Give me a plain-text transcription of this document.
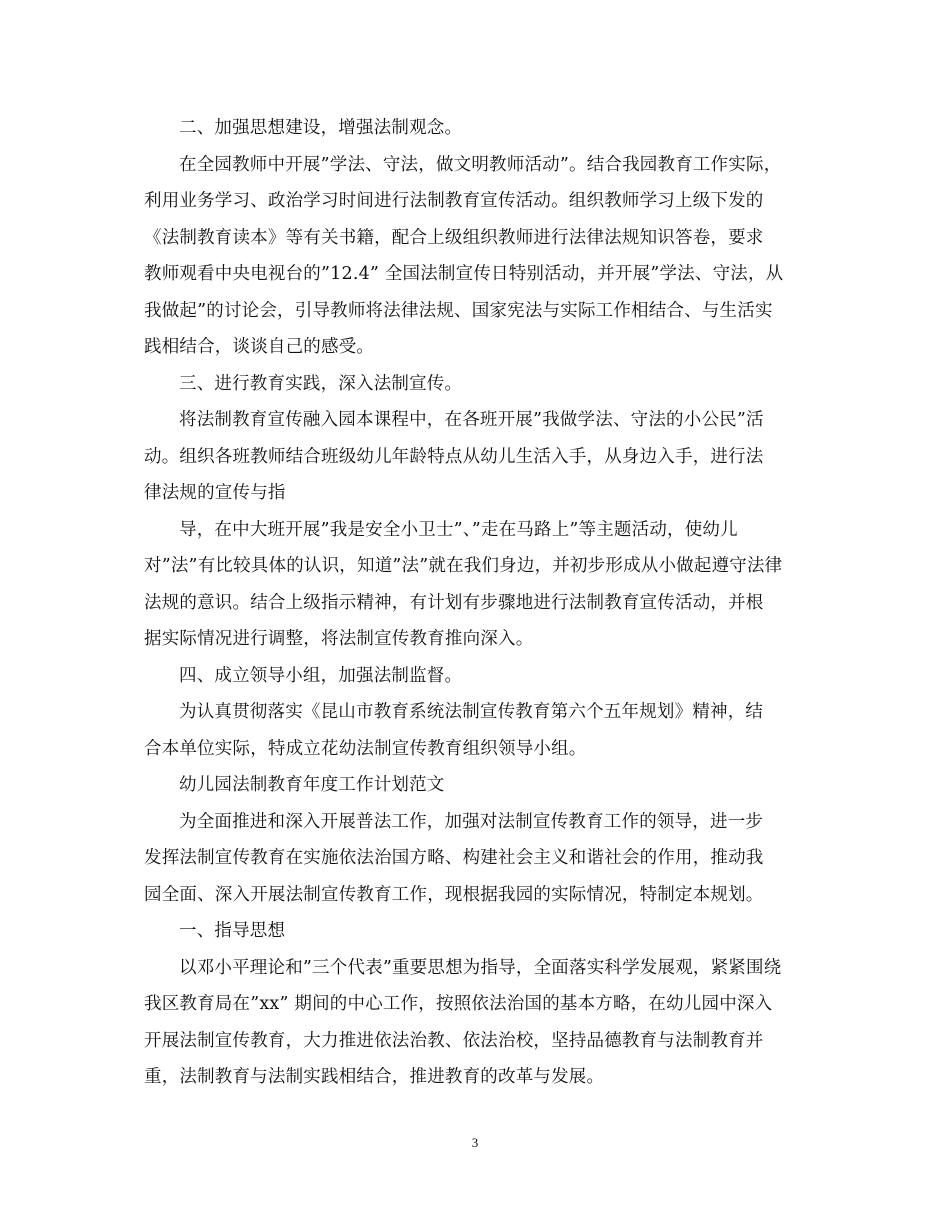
二、加强思想建设，增强法制观念。
在全园教师中开展”学法、守法，做文明教师活动”。结合我园教育工作实际，
利用业务学习、政治学习时间进行法制教育宣传活动。组织教师学习上级下发的
《法制教育读本》等有关书籍，配合上级组织教师进行法律法规知识答卷，要求
教师观看中央电视台的”12.4” 全国法制宣传日特别活动，并开展”学法、守法，从
我做起”的讨论会，引导教师将法律法规、国家宪法与实际工作相结合、与生活实
践相结合，谈谈自己的感受。
三、进行教育实践，深入法制宣传。
将法制教育宣传融入园本课程中，在各班开展”我做学法、守法的小公民”活
动。组织各班教师结合班级幼儿年龄特点从幼儿生活入手，从身边入手，进行法
律法规的宣传与指
导，在中大班开展”我是安全小卫士”、”走在马路上”等主题活动，使幼儿
对”法”有比较具体的认识，知道”法”就在我们身边，并初步形成从小做起遵守法律
法规的意识。结合上级指示精神，有计划有步骤地进行法制教育宣传活动，并根
据实际情况进行调整，将法制宣传教育推向深入。
四、成立领导小组，加强法制监督。
为认真贯彻落实《昆山市教育系统法制宣传教育第六个五年规划》精神，结
合本单位实际，特成立花幼法制宣传教育组织领导小组。
幼儿园法制教育年度工作计划范文
为全面推进和深入开展普法工作，加强对法制宣传教育工作的领导，进一步
发挥法制宣传教育在实施依法治国方略、构建社会主义和谐社会的作用，推动我
园全面、深入开展法制宣传教育工作，现根据我园的实际情况，特制定本规划。
一、指导思想
以邓小平理论和”三个代表”重要思想为指导，全面落实科学发展观，紧紧围绕
我区教育局在”xx” 期间的中心工作，按照依法治国的基本方略，在幼儿园中深入
开展法制宣传教育，大力推进依法治教、依法治校，坚持品德教育与法制教育并
重，法制教育与法制实践相结合，推进教育的改革与发展。
3
